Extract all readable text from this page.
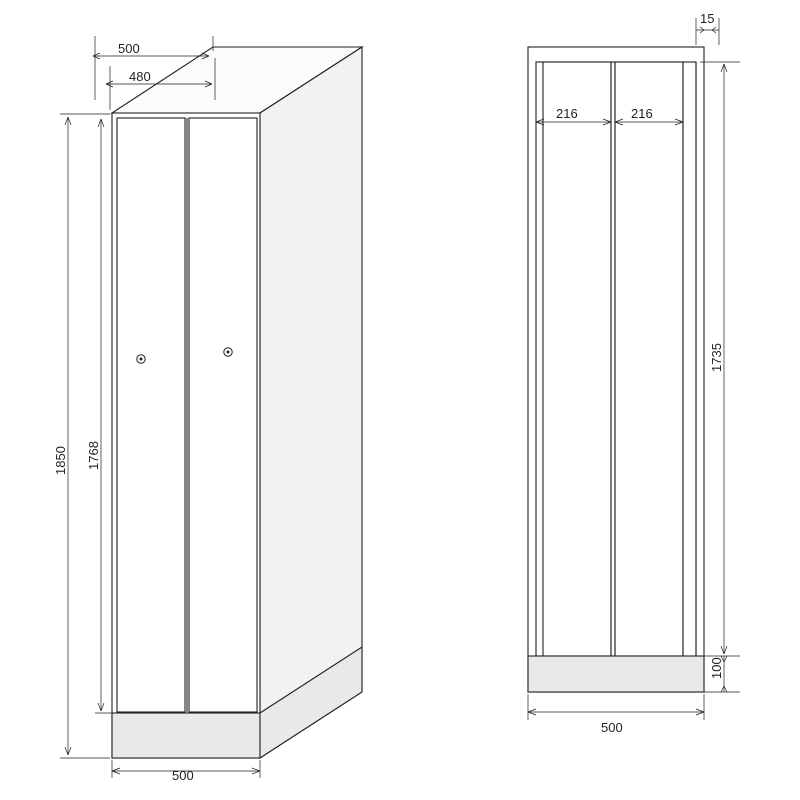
500
480
1850 1768
500
15
216	216
1735
100
500
